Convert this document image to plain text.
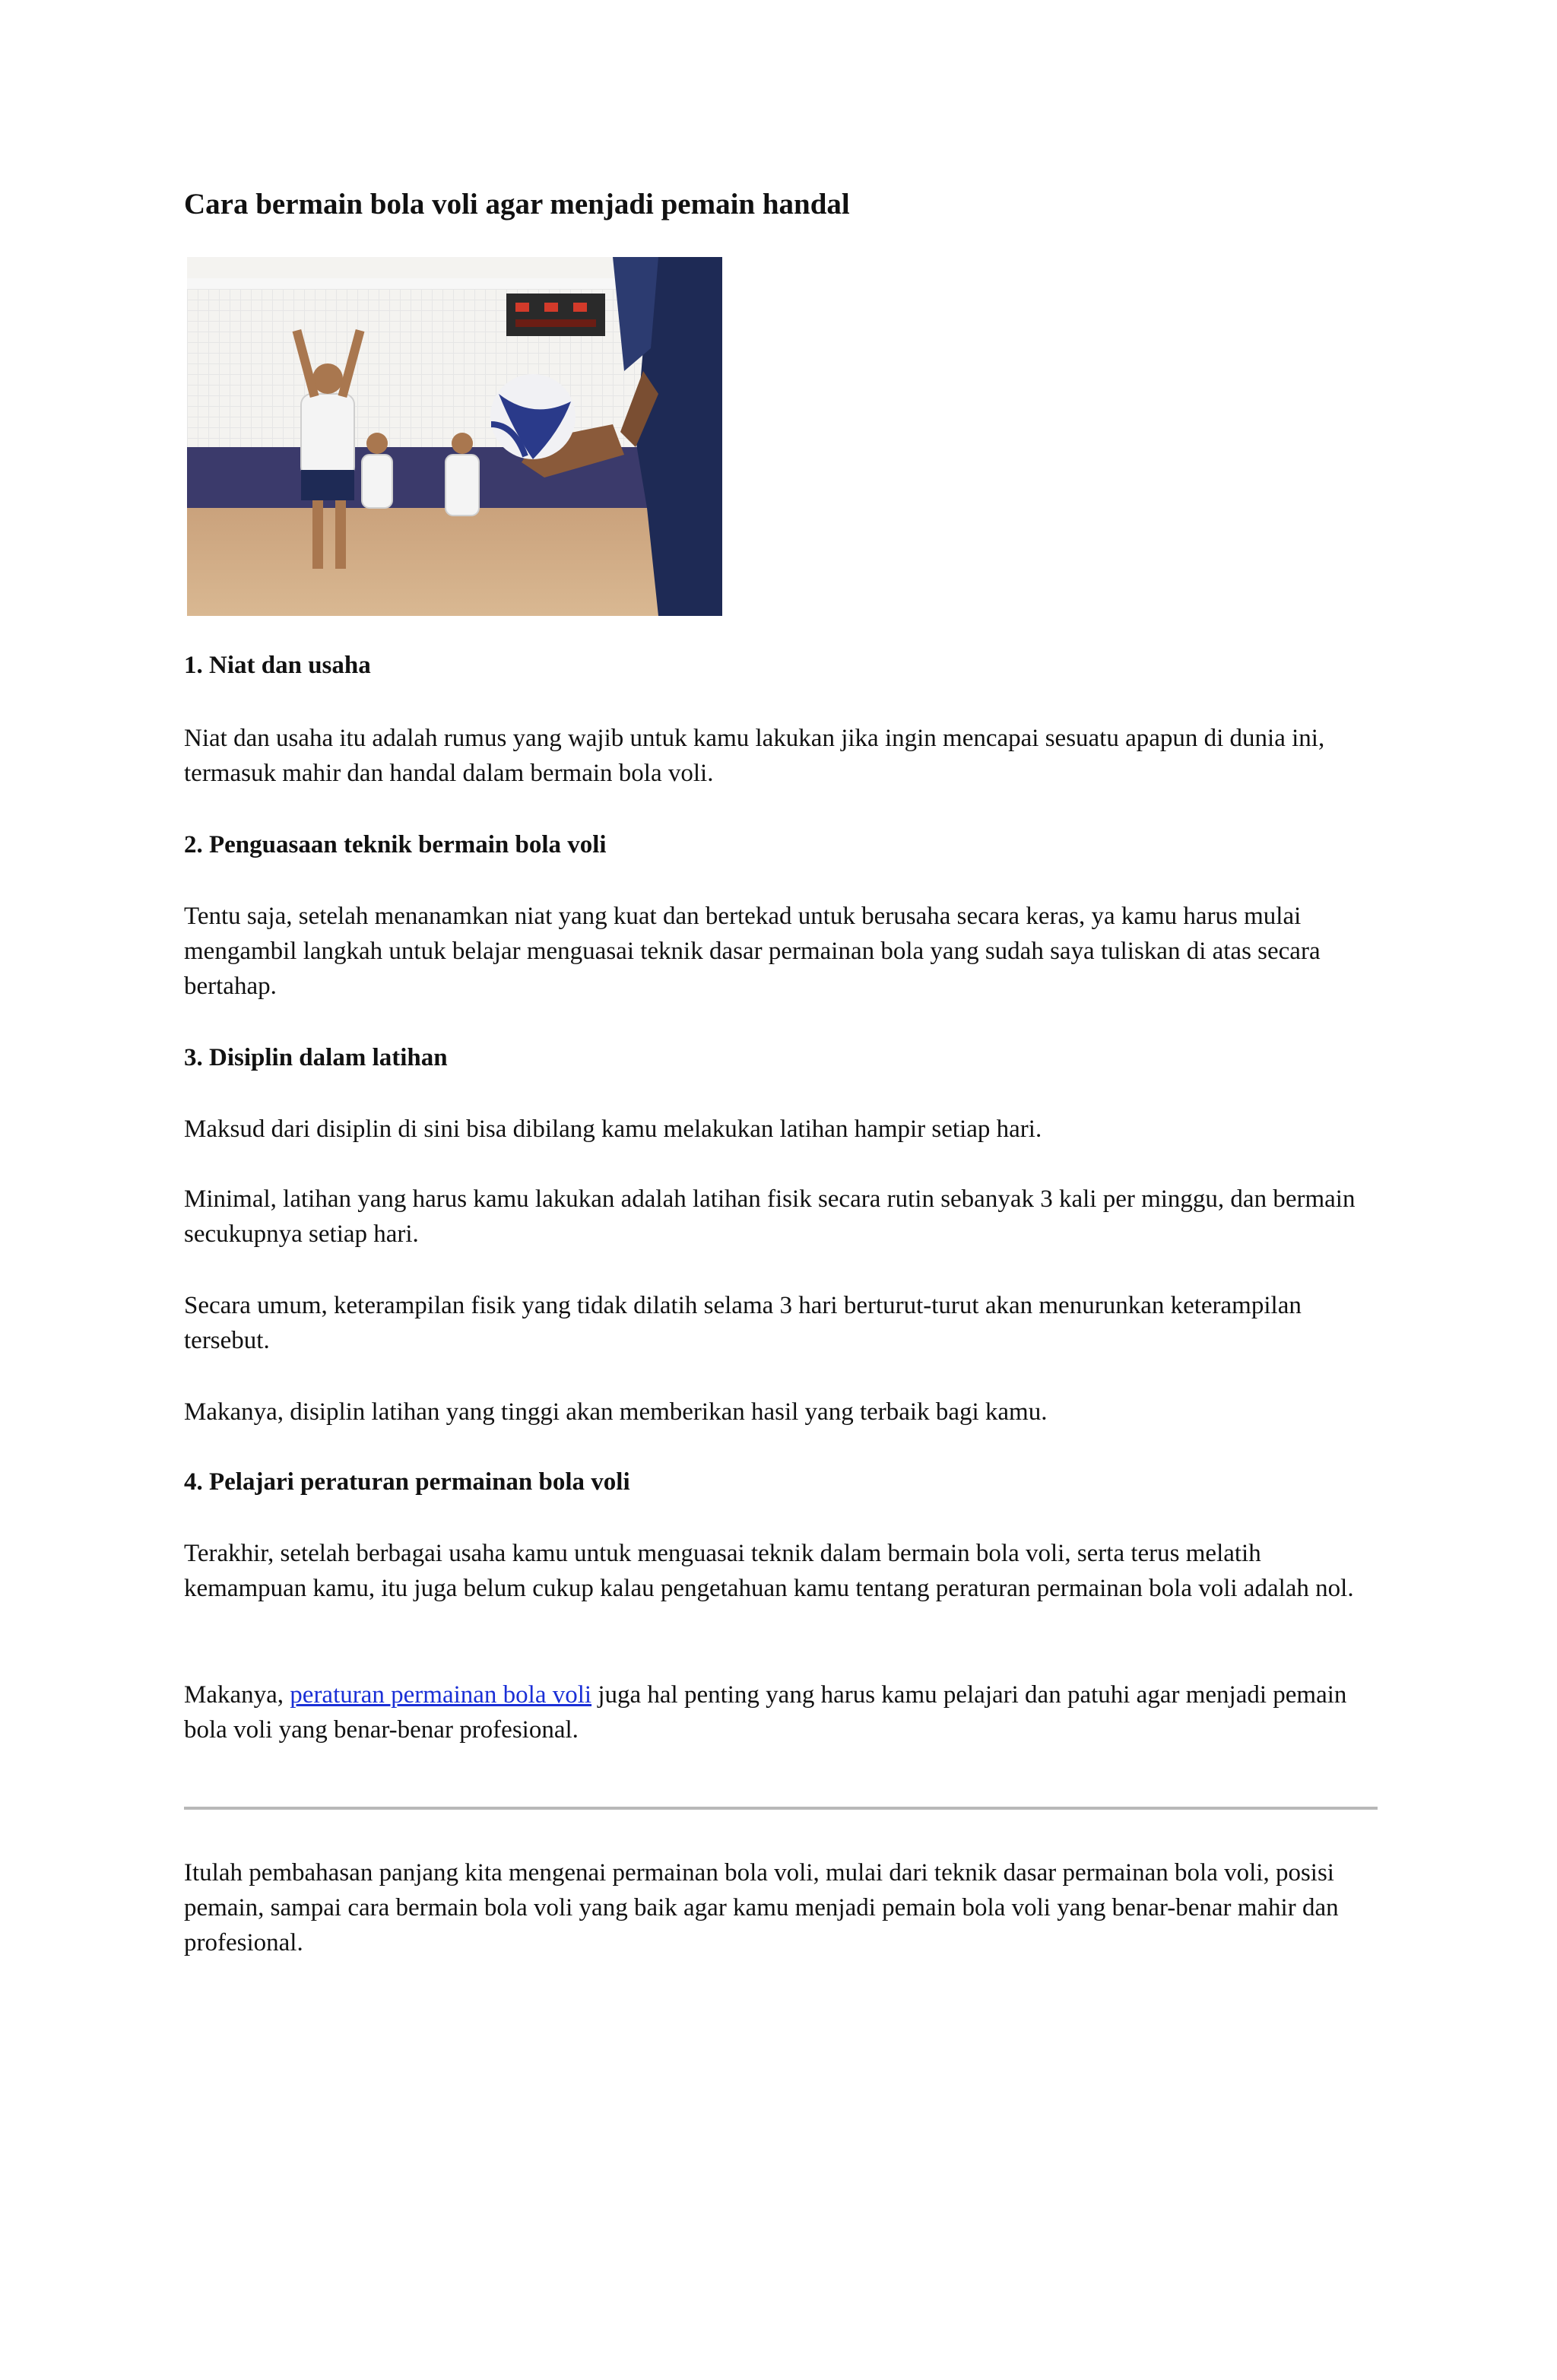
Cara bermain bola voli agar menjadi pemain handal
1. Niat dan usaha

Niat dan usaha itu adalah rumus yang wajib untuk kamu lakukan jika ingin mencapai sesuatu apapun di dunia ini, termasuk mahir dan handal dalam bermain bola voli.

2. Penguasaan teknik bermain bola voli

Tentu saja, setelah menanamkan niat yang kuat dan bertekad untuk berusaha secara keras, ya kamu harus mulai mengambil langkah untuk belajar menguasai teknik dasar permainan bola yang sudah saya tuliskan di atas secara bertahap.

3. Disiplin dalam latihan

Maksud dari disiplin di sini bisa dibilang kamu melakukan latihan hampir setiap hari.

Minimal, latihan yang harus kamu lakukan adalah latihan fisik secara rutin sebanyak 3 kali per minggu, dan bermain secukupnya setiap hari.

Secara umum, keterampilan fisik yang tidak dilatih selama 3 hari berturut-turut akan menurunkan keterampilan tersebut.

Makanya, disiplin latihan yang tinggi akan memberikan hasil yang terbaik bagi kamu.

4. Pelajari peraturan permainan bola voli

Terakhir, setelah berbagai usaha kamu untuk menguasai teknik dalam bermain bola voli, serta terus melatih kemampuan kamu, itu juga belum cukup kalau pengetahuan kamu tentang peraturan permainan bola voli adalah nol.

Makanya, peraturan permainan bola voli juga hal penting yang harus kamu pelajari dan patuhi agar menjadi pemain bola voli yang benar-benar profesional.

Itulah pembahasan panjang kita mengenai permainan bola voli, mulai dari teknik dasar permainan bola voli, posisi pemain, sampai cara bermain bola voli yang baik agar kamu menjadi pemain bola voli yang benar-benar mahir dan profesional.
